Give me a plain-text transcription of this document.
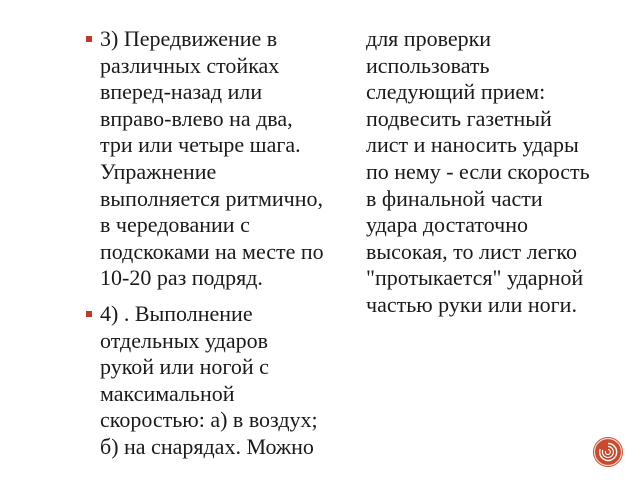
3) Передвижение в
различных стойках
вперед-назад или
вправо-влево на два,
три или четыре шага.
Упражнение
выполняется ритмично,
в чередовании с
подскоками на месте по
10-20 раз подряд.
4) . Выполнение
отдельных ударов
рукой или ногой с
максимальной
скоростью: а) в воздух;
б) на снарядах. Можно
для проверки
использовать
следующий прием:
подвесить газетный
лист и наносить удары
по нему - если скорость
в финальной части
удара достаточно
высокая, то лист легко
"протыкается" ударной
частью руки или ноги.
